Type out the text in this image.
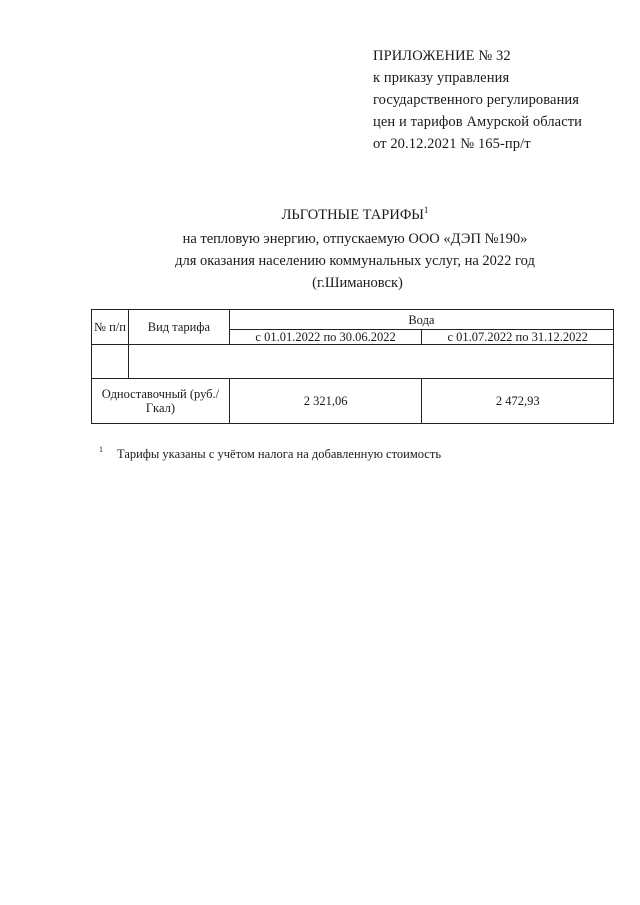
ПРИЛОЖЕНИЕ № 32
к приказу управления
государственного регулирования
цен и тарифов Амурской области
от 20.12.2021 № 165-пр/т
ЛЬГОТНЫЕ ТАРИФЫ$^1$
на тепловую энергию, отпускаемую ООО «ДЭП №190»
для оказания населению коммунальных услуг, на 2022 год
(г.Шимановск)
№ п/п	Вид тарифа	Вода	
		с 01.01.2022 по 30.06.2022	с 01.07.2022 по 31.12.2022

Одноставочный (руб./Гкал)		2 321,06	2 472,93
$^1$ Тарифы указаны с учётом налога на добавленную стоимость
